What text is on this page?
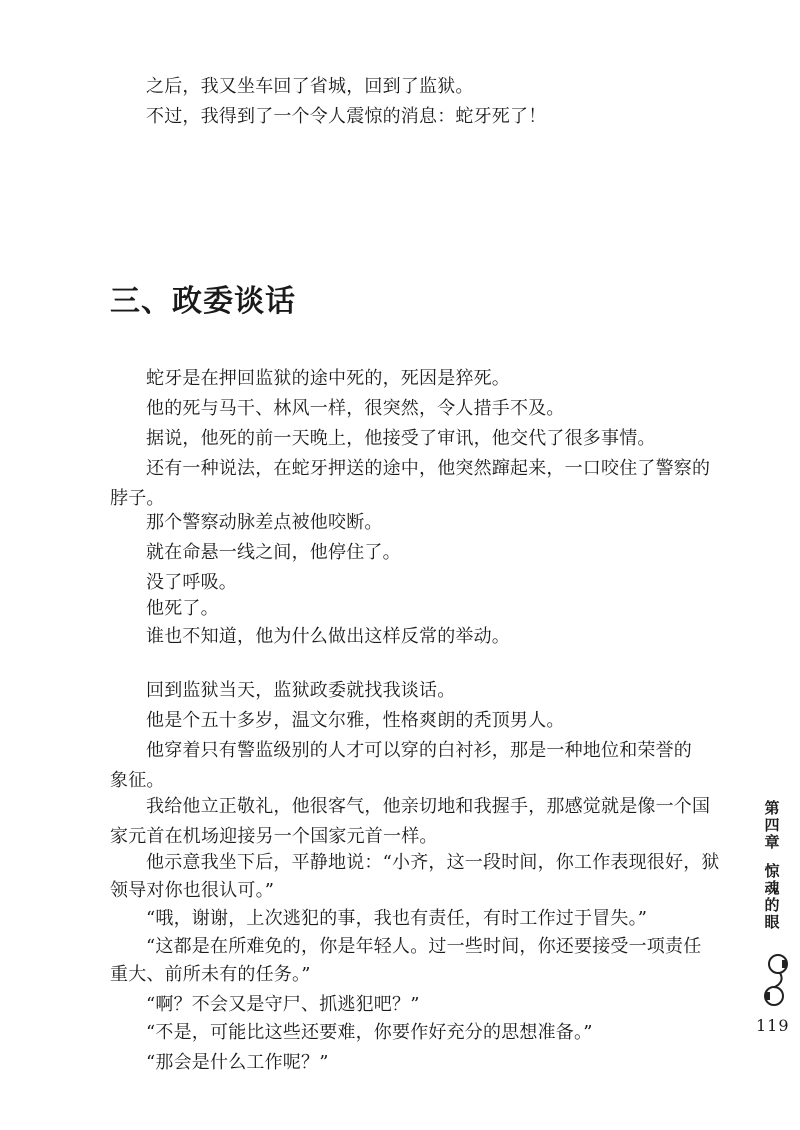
之后，我又坐车回了省城，回到了监狱。
不过，我得到了一个令人震惊的消息：蛇牙死了！
三、政委谈话
蛇牙是在押回监狱的途中死的，死因是猝死。
他的死与马干、林风一样，很突然，令人措手不及。
据说，他死的前一天晚上，他接受了审讯，他交代了很多事情。
还有一种说法，在蛇牙押送的途中，他突然蹿起来，一口咬住了警察的
脖子。
那个警察动脉差点被他咬断。
就在命悬一线之间，他停住了。
没了呼吸。
他死了。
谁也不知道，他为什么做出这样反常的举动。
回到监狱当天，监狱政委就找我谈话。
他是个五十多岁，温文尔雅，性格爽朗的秃顶男人。
他穿着只有警监级别的人才可以穿的白衬衫，那是一种地位和荣誉的
象征。
我给他立正敬礼，他很客气，他亲切地和我握手，那感觉就是像一个国
家元首在机场迎接另一个国家元首一样。
他示意我坐下后，平静地说：“小齐，这一段时间，你工作表现很好，狱
领导对你也很认可。”
“哦，谢谢，上次逃犯的事，我也有责任，有时工作过于冒失。”
“这都是在所难免的，你是年轻人。过一些时间，你还要接受一项责任
重大、前所未有的任务。”
“啊？不会又是守尸、抓逃犯吧？”
“不是，可能比这些还要难，你要作好充分的思想准备。”
“那会是什么工作呢？”
第
四
章
惊
魂
的
眼
119
